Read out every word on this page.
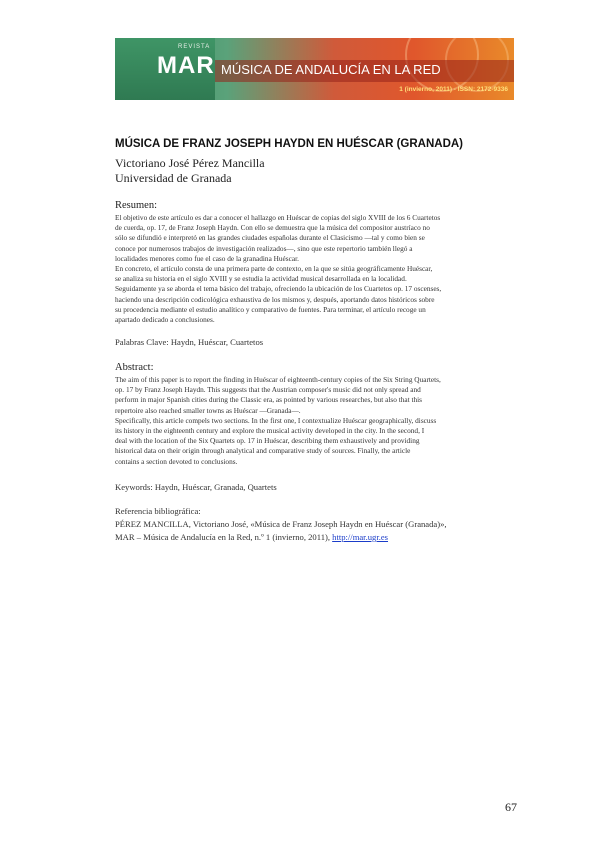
REVISTA
MAR MÚSICA DE ANDALUCÍA EN LA RED
1 (invierno, 2011) - ISSN: 2172-9336
MÚSICA DE FRANZ JOSEPH HAYDN EN HUÉSCAR (GRANADA)
Victoriano José Pérez Mancilla
Universidad de Granada
Resumen:
El objetivo de este artículo es dar a conocer el hallazgo en Huéscar de copias del siglo XVIII de los 6 Cuartetos
de cuerda, op. 17, de Franz Joseph Haydn. Con ello se demuestra que la música del compositor austríaco no
sólo se difundió e interpretó en las grandes ciudades españolas durante el Clasicismo —tal y como bien se
conoce por numerosos trabajos de investigación realizados—, sino que este repertorio también llegó a
localidades menores como fue el caso de la granadina Huéscar.
En concreto, el artículo consta de una primera parte de contexto, en la que se sitúa geográficamente Huéscar,
se analiza su historia en el siglo XVIII y se estudia la actividad musical desarrollada en la localidad.
Seguidamente ya se aborda el tema básico del trabajo, ofreciendo la ubicación de los Cuartetos op. 17 oscenses,
haciendo una descripción codicológica exhaustiva de los mismos y, después, aportando datos históricos sobre
su procedencia mediante el estudio analítico y comparativo de fuentes. Para terminar, el artículo recoge un
apartado dedicado a conclusiones.
Palabras Clave: Haydn, Huéscar, Cuartetos
Abstract:
The aim of this paper is to report the finding in Huéscar of eighteenth-century copies of the Six String Quartets,
op. 17 by Franz Joseph Haydn. This suggests that the Austrian composer's music did not only spread and
perform in major Spanish cities during the Classic era, as pointed by various researches, but also that this
repertoire also reached smaller towns as Huéscar —Granada—.
Specifically, this article compels two sections. In the first one, I contextualize Huéscar geographically, discuss
its history in the eighteenth century and explore the musical activity developed in the city. In the second, I
deal with the location of the Six Quartets op. 17 in Huéscar, describing them exhaustively and providing
historical data on their origin through analytical and comparative study of sources. Finally, the article
contains a section devoted to conclusions.
Keywords: Haydn, Huéscar, Granada, Quartets
Referencia bibliográfica:
PÉREZ MANCILLA, Victoriano José, «Música de Franz Joseph Haydn en Huéscar (Granada)»,
MAR – Música de Andalucía en la Red, n.º 1 (invierno, 2011), http://mar.ugr.es
67
